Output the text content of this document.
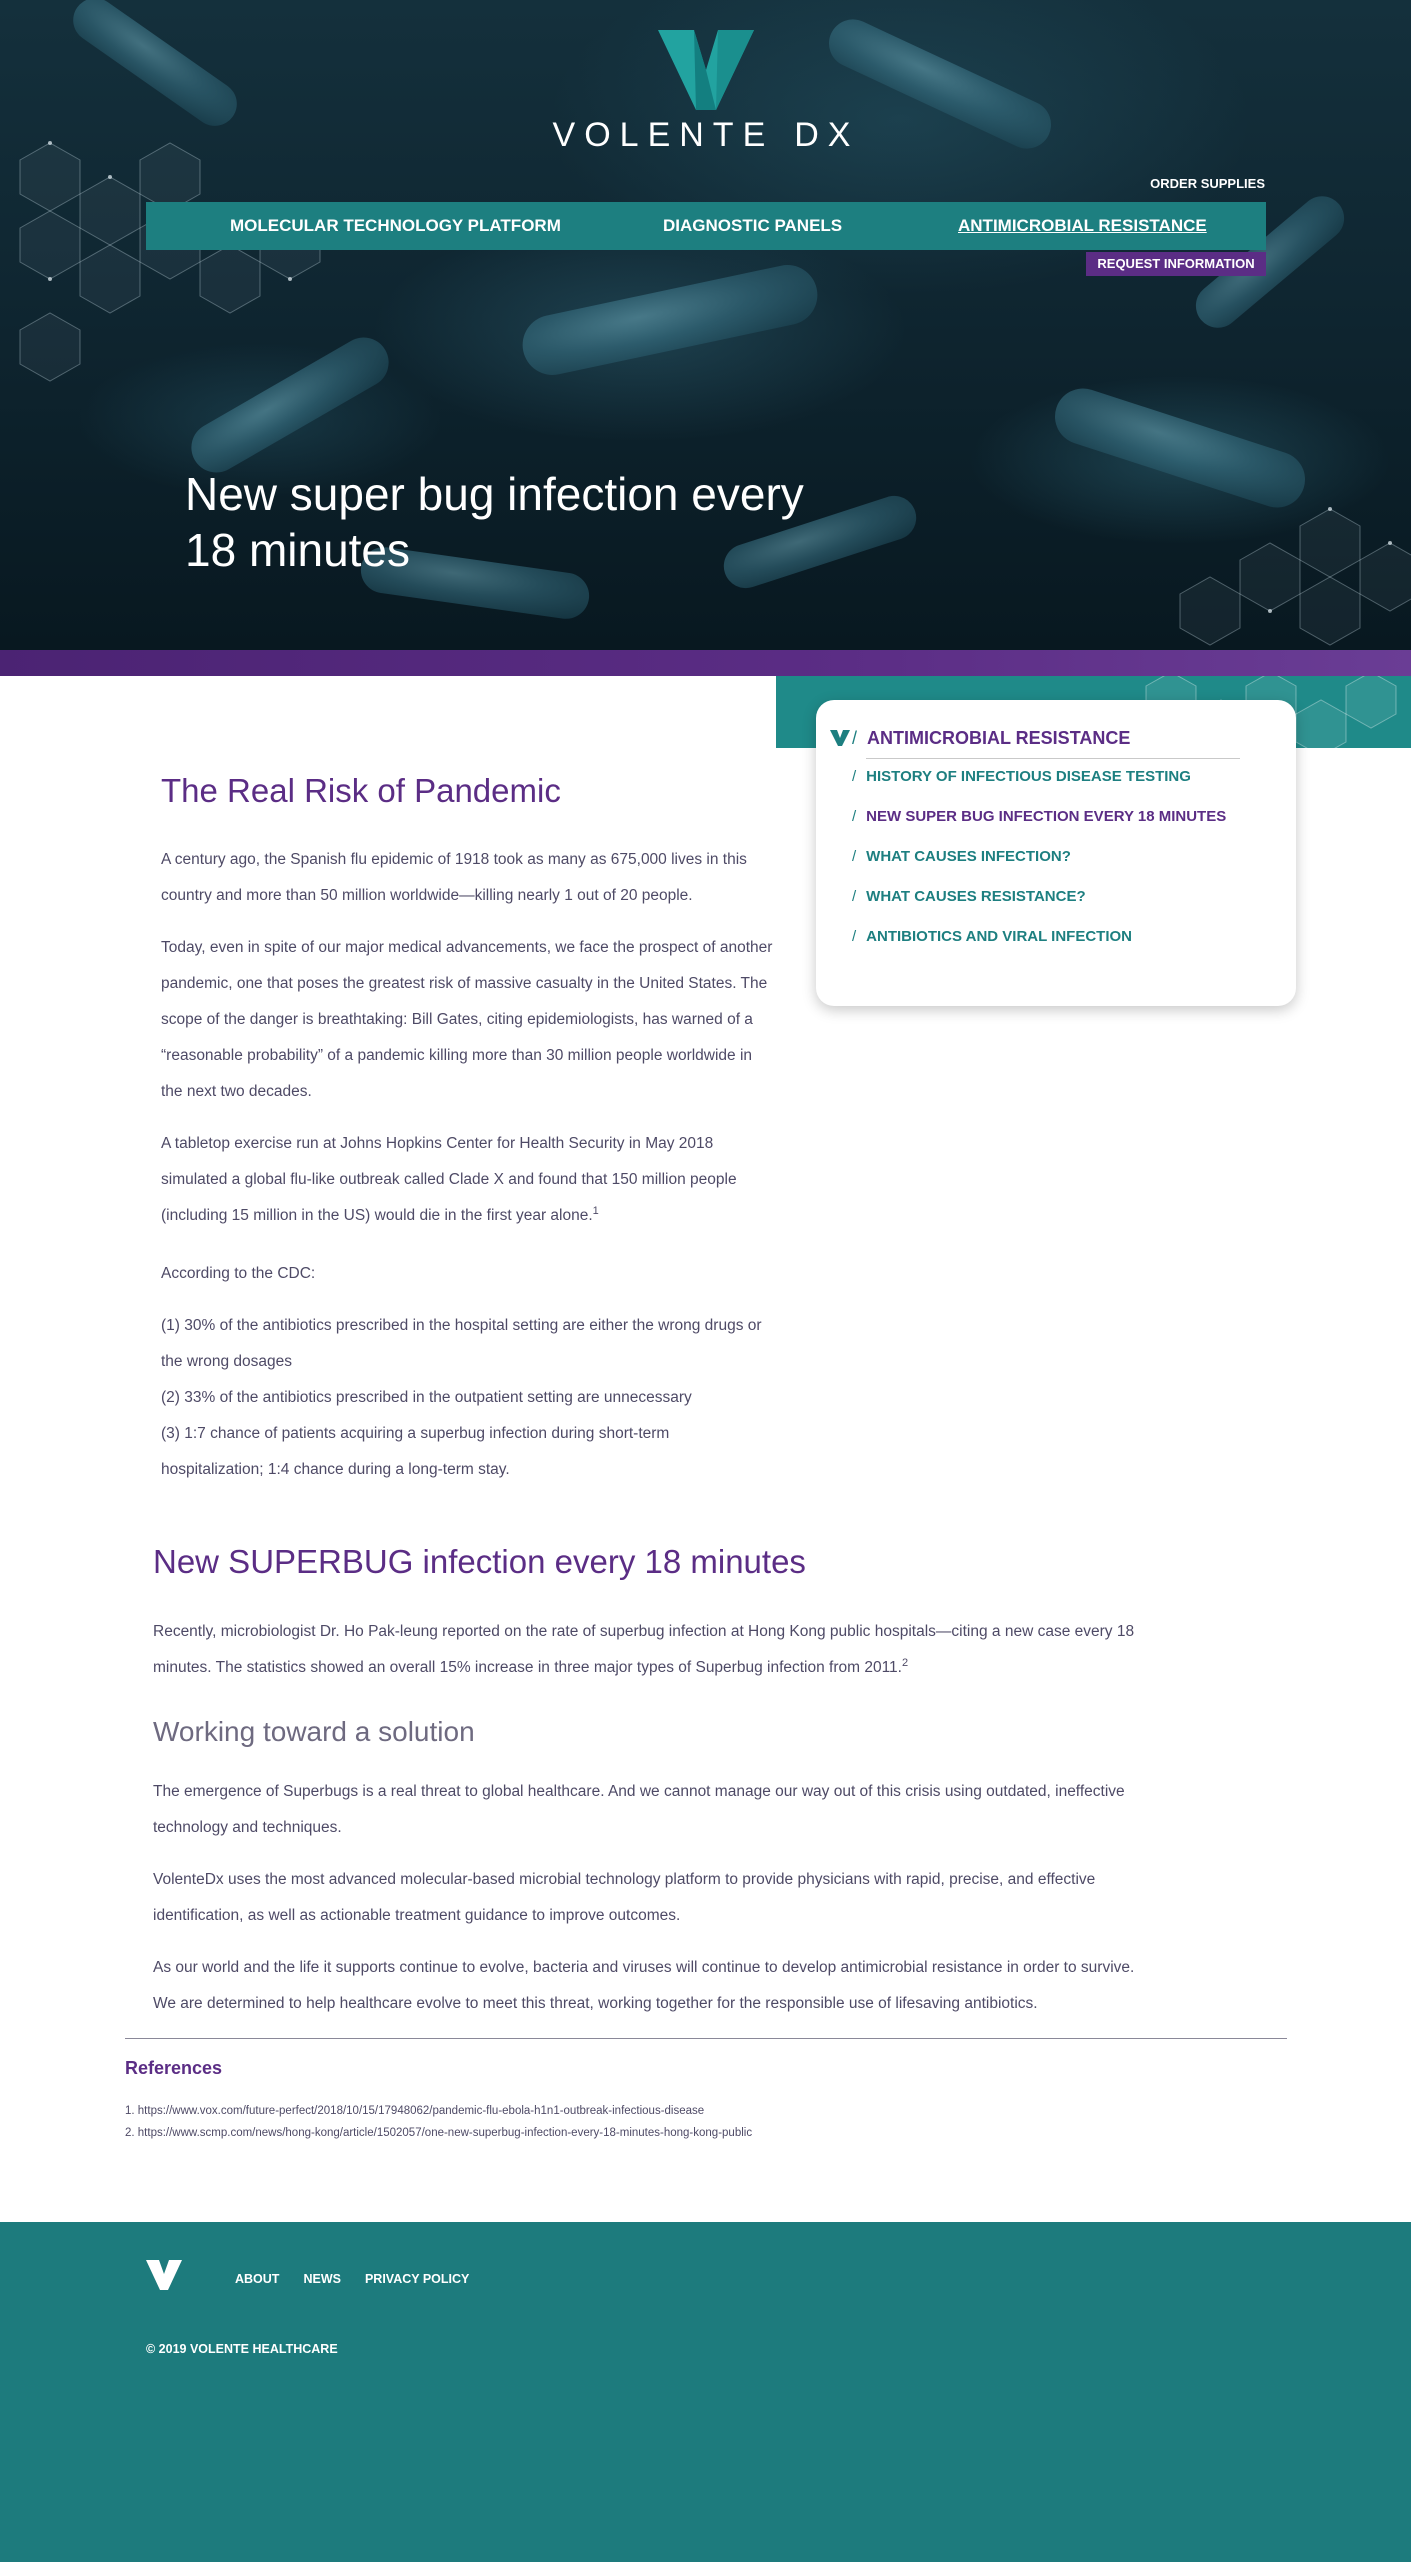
VOLENTE DX
ORDER SUPPLIES
MOLECULAR TECHNOLOGY PLATFORM	DIAGNOSTIC PANELS	ANTIMICROBIAL RESISTANCE
REQUEST INFORMATION
New super bug infection every
18 minutes
/ ANTIMICROBIAL RESISTANCE
/ HISTORY OF INFECTIOUS DISEASE TESTING
/ NEW SUPER BUG INFECTION EVERY 18 MINUTES
/ WHAT CAUSES INFECTION?
/ WHAT CAUSES RESISTANCE?
/ ANTIBIOTICS AND VIRAL INFECTION
The Real Risk of Pandemic
A century ago, the Spanish flu epidemic of 1918 took as many as 675,000 lives in this
country and more than 50 million worldwide—killing nearly 1 out of 20 people.
Today, even in spite of our major medical advancements, we face the prospect of another
pandemic, one that poses the greatest risk of massive casualty in the United States. The
scope of the danger is breathtaking: Bill Gates, citing epidemiologists, has warned of a
“reasonable probability” of a pandemic killing more than 30 million people worldwide in
the next two decades.
A tabletop exercise run at Johns Hopkins Center for Health Security in May 2018
simulated a global flu-like outbreak called Clade X and found that 150 million people
(including 15 million in the US) would die in the first year alone.$^1$
According to the CDC:
(1) 30% of the antibiotics prescribed in the hospital setting are either the wrong drugs or
the wrong dosages
(2) 33% of the antibiotics prescribed in the outpatient setting are unnecessary
(3) 1:7 chance of patients acquiring a superbug infection during short-term
hospitalization; 1:4 chance during a long-term stay.
New SUPERBUG infection every 18 minutes
Recently, microbiologist Dr. Ho Pak-leung reported on the rate of superbug infection at Hong Kong public hospitals—citing a new case every 18
minutes. The statistics showed an overall 15% increase in three major types of Superbug infection from 2011.$^2$
Working toward a solution
The emergence of Superbugs is a real threat to global healthcare. And we cannot manage our way out of this crisis using outdated, ineffective
technology and techniques.
VolenteDx uses the most advanced molecular-based microbial technology platform to provide physicians with rapid, precise, and effective
identification, as well as actionable treatment guidance to improve outcomes.
As our world and the life it supports continue to evolve, bacteria and viruses will continue to develop antimicrobial resistance in order to survive.
We are determined to help healthcare evolve to meet this threat, working together for the responsible use of lifesaving antibiotics.
References
1. https://www.vox.com/future-perfect/2018/10/15/17948062/pandemic-flu-ebola-h1n1-outbreak-infectious-disease
2. https://www.scmp.com/news/hong-kong/article/1502057/one-new-superbug-infection-every-18-minutes-hong-kong-public
ABOUT NEWS PRIVACY POLICY
© 2019 VOLENTE HEALTHCARE
